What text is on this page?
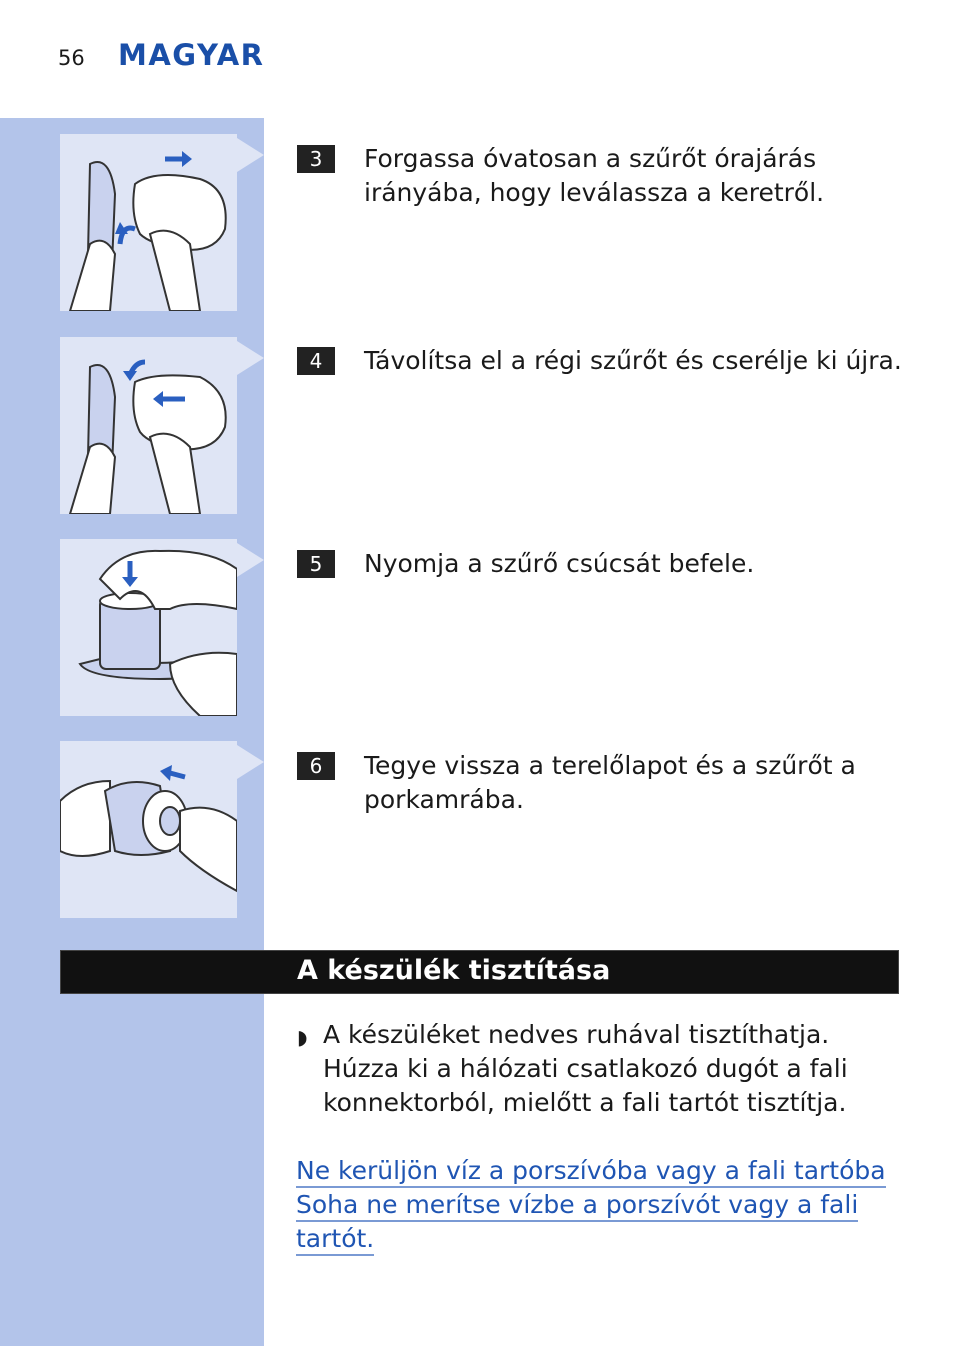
56 MAGYAR
3	Forgassa óvatosan a szűrőt órajárás irányába, hogy leválassza a keretről.
4	Távolítsa el a régi szűrőt és cserélje ki újra.
5	Nyomja a szűrő csúcsát befele.
6	Tegye vissza a terelőlapot és a szűrőt a porkamrába.
A készülék tisztítása
◗ A készüléket nedves ruhával tisztíthatja. Húzza ki a hálózati csatlakozó dugót a fali konnektorból, mielőtt a fali tartót tisztítja.
Ne kerüljön víz a porszívóba vagy a fali tartóba
Soha ne merítse vízbe a porszívót vagy a fali
tartót.
